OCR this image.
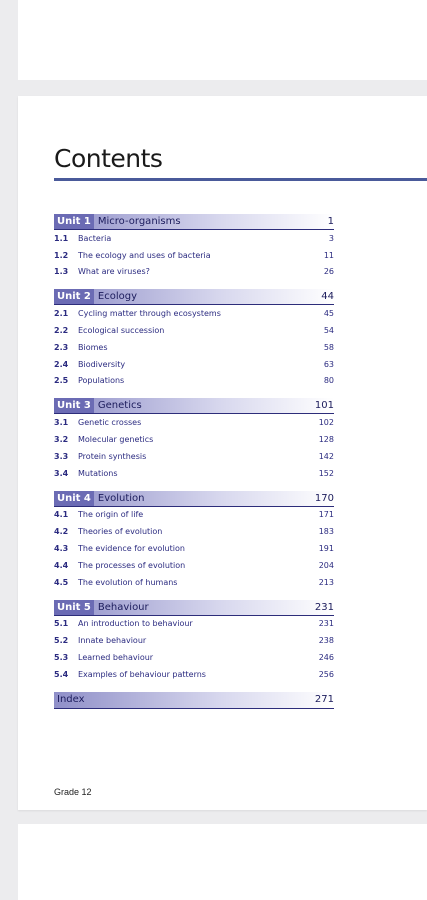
Contents
Unit 1 Micro-organisms	1
1.1	Bacteria	3
1.2	The ecology and uses of bacteria	11
1.3	What are viruses?	26
Unit 2 Ecology	44
2.1	Cycling matter through ecosystems	45
2.2	Ecological succession	54
2.3	Biomes	58
2.4	Biodiversity	63
2.5	Populations	80
Unit 3 Genetics	101
3.1	Genetic crosses	102
3.2	Molecular genetics	128
3.3	Protein synthesis	142
3.4	Mutations	152
Unit 4 Evolution	170
4.1	The origin of life	171
4.2	Theories of evolution	183
4.3	The evidence for evolution	191
4.4	The processes of evolution	204
4.5	The evolution of humans	213
Unit 5 Behaviour	231
5.1	An introduction to behaviour	231
5.2	Innate behaviour	238
5.3	Learned behaviour	246
5.4	Examples of behaviour patterns	256
Index	271
Grade 12
